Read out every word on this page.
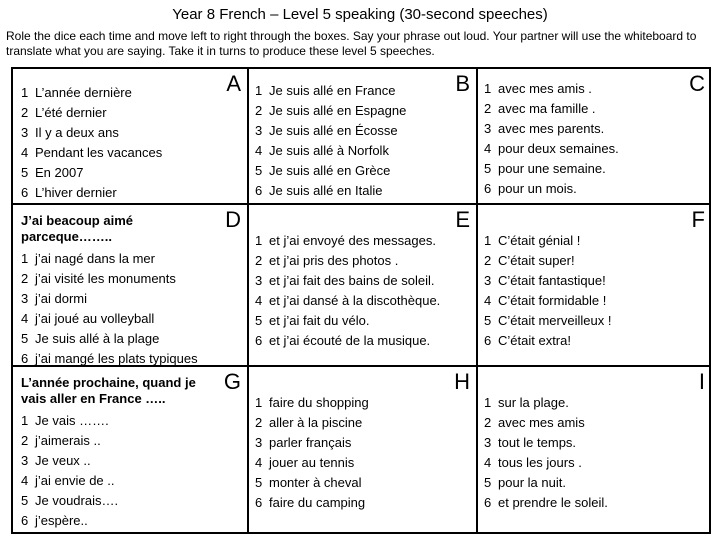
Year 8 French – Level 5 speaking (30-second speeches)
Role the dice each time and move left to right through the boxes. Say your phrase out loud. Your partner will use the whiteboard to translate what you are saying. Take it in turns to produce these level 5 speeches.
A
1 L’année dernière
2 L’été dernier
3 Il y a deux ans
4 Pendant les vacances
5 En 2007
6 L’hiver dernier
B
1 Je suis allé en France
2 Je suis allé en Espagne
3 Je suis allé en Écosse
4 Je suis allé à Norfolk
5 Je suis allé en Grèce
6 Je suis allé en Italie
C
1 avec mes amis .
2 avec ma famille .
3 avec mes parents.
4 pour deux semaines.
5 pour une semaine.
6 pour un mois.
D
J’ai beacoup aimé parceque……..
1 j’ai nagé dans la mer
2 j’ai visité les monuments
3 j’ai dormi
4 j’ai joué au volleyball
5 Je suis allé à la plage
6 j’ai mangé les plats typiques
E
1 et j’ai envoyé des messages.
2 et j’ai pris des photos .
3 et j’ai fait des bains de soleil.
4 et j’ai dansé à la discothèque.
5 et j’ai fait du vélo.
6 et j’ai écouté de la musique.
F
1 C’était génial !
2 C’était super!
3 C’était fantastique!
4 C’était formidable !
5 C’était merveilleux !
6 C’était extra!
G
L’année prochaine, quand je vais aller en France …..
1 Je vais …….
2 j’aimerais ..
3 Je veux ..
4 j’ai envie de ..
5 Je voudrais….
6 j’espère..
H
1 faire du shopping
2 aller à la piscine
3 parler français
4 jouer au tennis
5 monter à cheval
6 faire du camping
I
1 sur la plage.
2 avec mes amis
3 tout le temps.
4 tous les jours .
5 pour la nuit.
6 et prendre le soleil.
